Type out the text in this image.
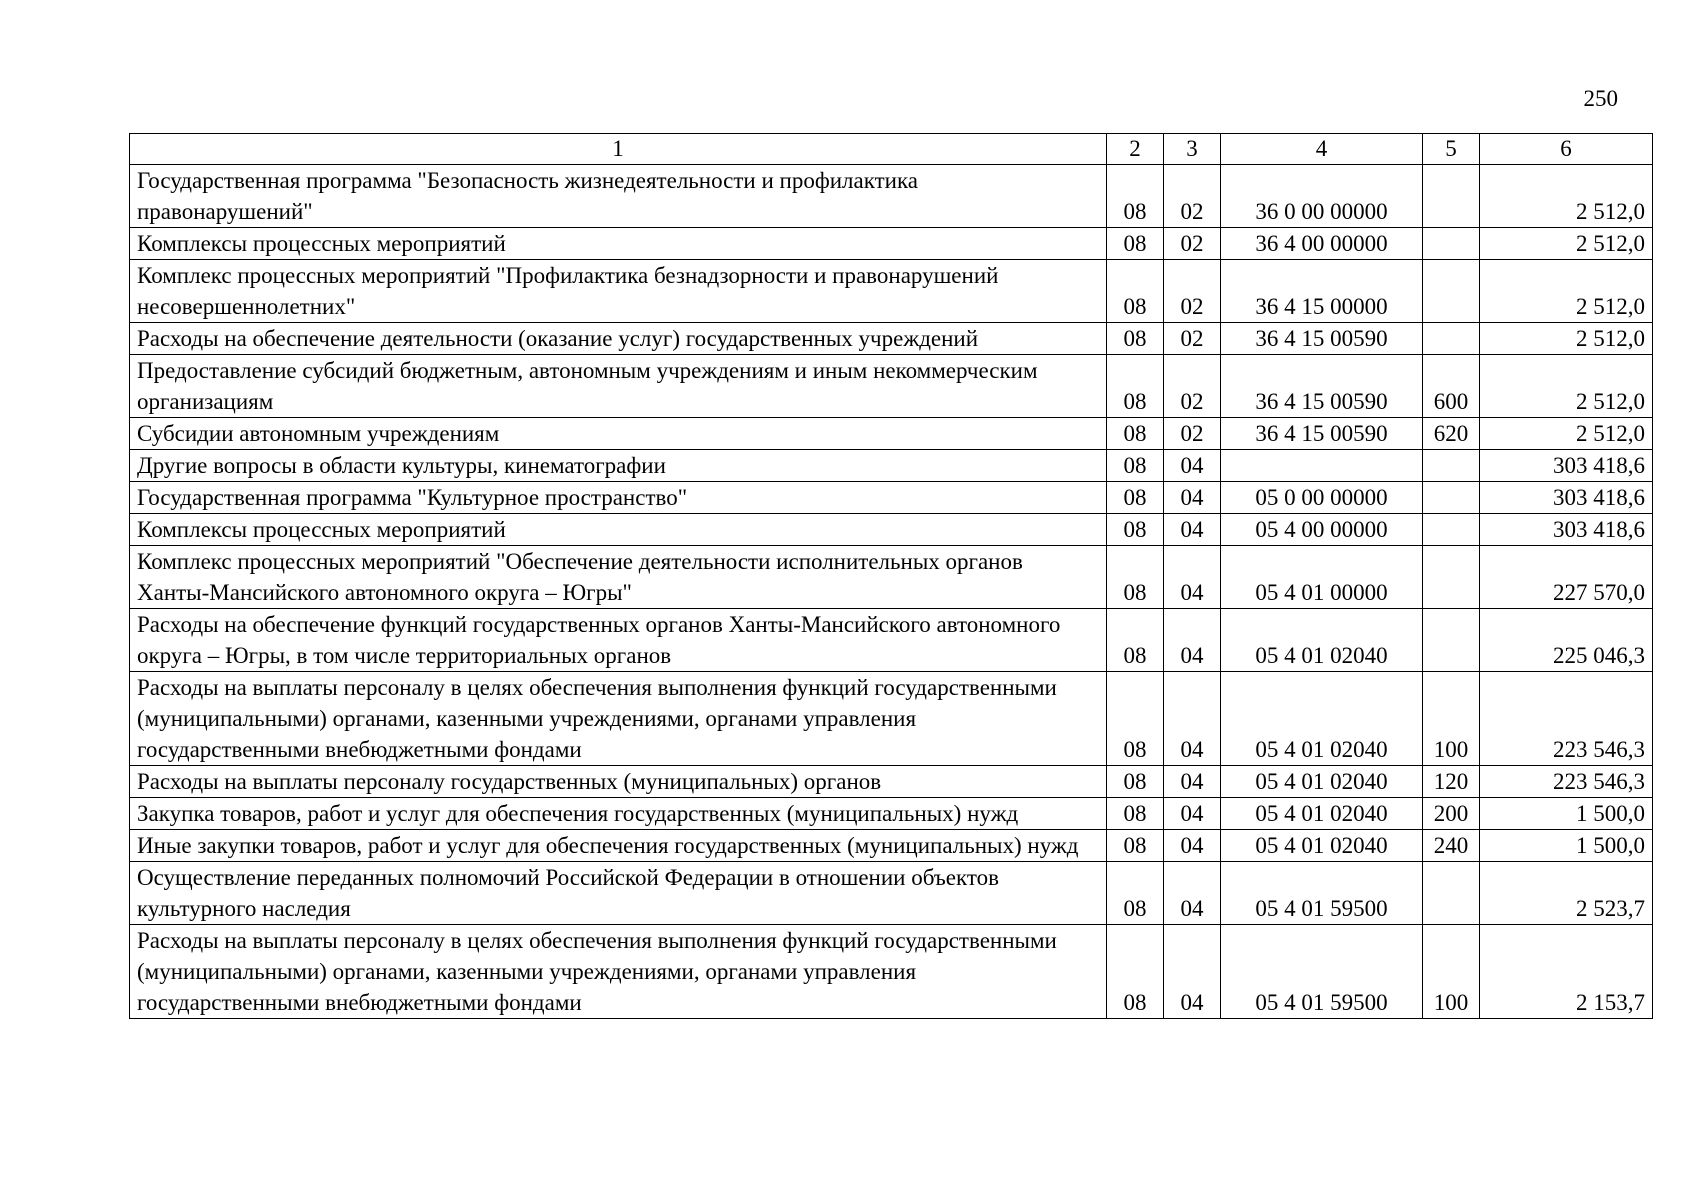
250
1	2	3	4	5	6
Государственная программа "Безопасность жизнедеятельности и профилактика правонарушений"	08	02	36 0 00 00000		2 512,0
Комплексы процессных мероприятий	08	02	36 4 00 00000		2 512,0
Комплекс процессных мероприятий "Профилактика безнадзорности и правонарушений несовершеннолетних"	08	02	36 4 15 00000		2 512,0
Расходы на обеспечение деятельности (оказание услуг) государственных учреждений	08	02	36 4 15 00590		2 512,0
Предоставление субсидий бюджетным, автономным учреждениям и иным некоммерческим организациям	08	02	36 4 15 00590	600	2 512,0
Субсидии автономным учреждениям	08	02	36 4 15 00590	620	2 512,0
Другие вопросы в области культуры, кинематографии	08	04			303 418,6
Государственная программа "Культурное пространство"	08	04	05 0 00 00000		303 418,6
Комплексы процессных мероприятий	08	04	05 4 00 00000		303 418,6
Комплекс процессных мероприятий "Обеспечение деятельности исполнительных органов Ханты-Мансийского автономного округа – Югры"	08	04	05 4 01 00000		227 570,0
Расходы на обеспечение функций государственных органов Ханты-Мансийского автономного округа – Югры, в том числе территориальных органов	08	04	05 4 01 02040		225 046,3
Расходы на выплаты персоналу в целях обеспечения выполнения функций государственными (муниципальными) органами, казенными учреждениями, органами управления государственными внебюджетными фондами	08	04	05 4 01 02040	100	223 546,3
Расходы на выплаты персоналу государственных (муниципальных) органов	08	04	05 4 01 02040	120	223 546,3
Закупка товаров, работ и услуг для обеспечения государственных (муниципальных) нужд	08	04	05 4 01 02040	200	1 500,0
Иные закупки товаров, работ и услуг для обеспечения государственных (муниципальных) нужд	08	04	05 4 01 02040	240	1 500,0
Осуществление переданных полномочий Российской Федерации в отношении объектов культурного наследия	08	04	05 4 01 59500		2 523,7
Расходы на выплаты персоналу в целях обеспечения выполнения функций государственными (муниципальными) органами, казенными учреждениями, органами управления государственными внебюджетными фондами	08	04	05 4 01 59500	100	2 153,7
